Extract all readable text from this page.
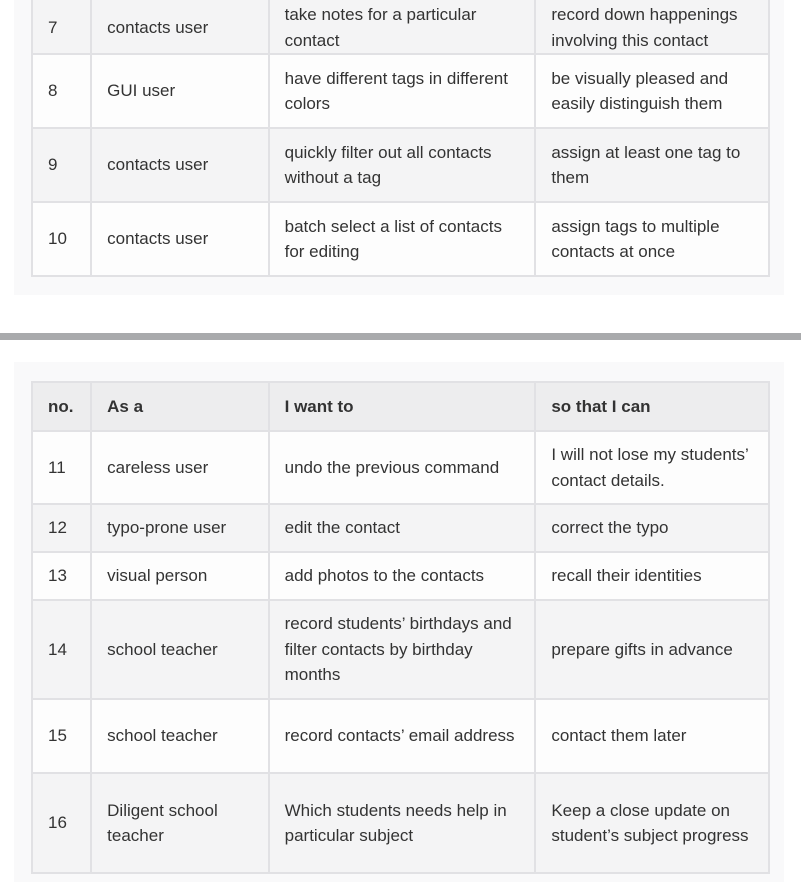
7	contacts user	take notes for a particular contact	record down happenings involving this contact
8	GUI user	have different tags in different colors	be visually pleased and easily distinguish them
9	contacts user	quickly filter out all contacts without a tag	assign at least one tag to them
10	contacts user	batch select a list of contacts for editing	assign tags to multiple contacts at once
no.	As a	I want to	so that I can
11	careless user	undo the previous command	I will not lose my students’ contact details.
12	typo-prone user	edit the contact	correct the typo
13	visual person	add photos to the contacts	recall their identities
14	school teacher	record students’ birthdays and filter contacts by birthday months	prepare gifts in advance
15	school teacher	record contacts’ email address	contact them later
16	Diligent school teacher	Which students needs help in particular subject	Keep a close update on student’s subject progress
